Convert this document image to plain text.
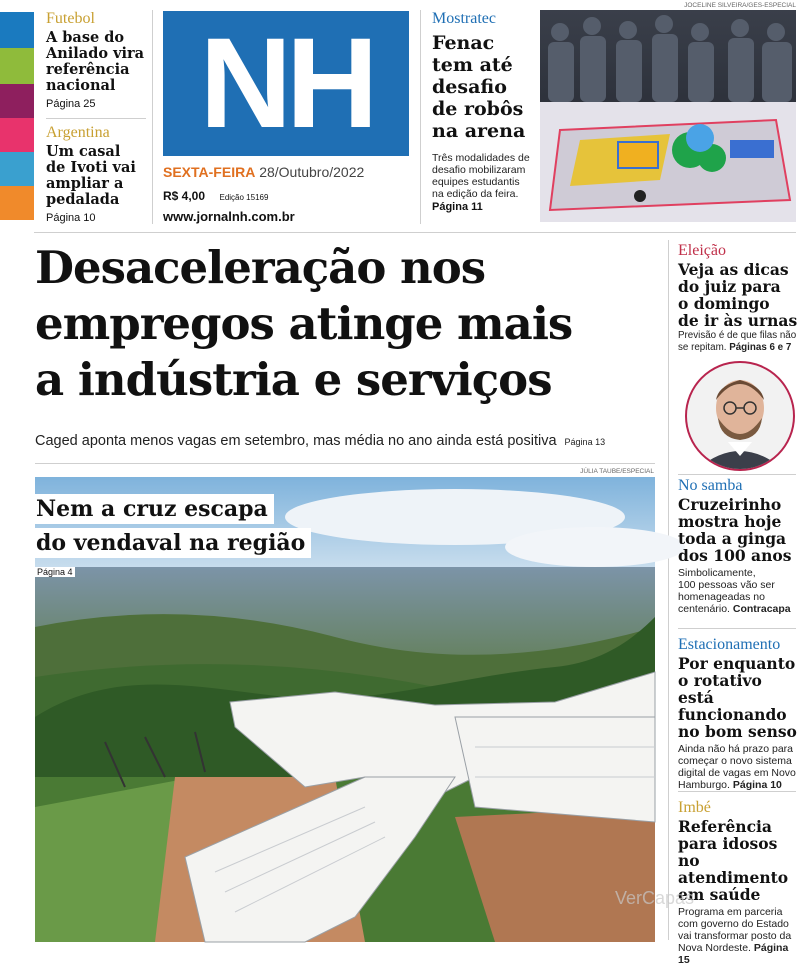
Futebol
A base do
Anilado vira
referência
nacional
Página 25
Argentina
Um casal
de Ivoti vai
ampliar a
pedalada
Página 10
NH
SEXTA-FEIRA 28/Outubro/2022
R$ 4,00 Edição 15169
www.jornalnh.com.br
Mostratec
Fenac
tem até
desafio
de robôs
na arena
Três modalidades de
desafio mobilizaram
equipes estudantis
na edição da feira.
Página 11
JOCELINE SILVEIRA/GES-ESPECIAL
Desaceleração nos
empregos atinge mais
a indústria e serviços
Caged aponta menos vagas em setembro, mas média no ano ainda está positiva Página 13
JÚLIA TAUBE/ESPECIAL
Nem a cruz escapa
do vendaval na região
Página 4
Eleição
Veja as dicas
do juiz para
o domingo
de ir às urnas
Previsão é de que filas não
se repitam. Páginas 6 e 7
No samba
Cruzeirinho
mostra hoje
toda a ginga
dos 100 anos
Simbolicamente,
100 pessoas vão ser
homenageadas no
centenário. Contracapa
Estacionamento
Por enquanto
o rotativo está
funcionando
no bom senso
Ainda não há prazo para
começar o novo sistema
digital de vagas em Novo
Hamburgo. Página 10
Imbé
Referência
para idosos no
atendimento
em saúde
Programa em parceria
com governo do Estado
vai transformar posto da
Nova Nordeste. Página 15
VerCapas
